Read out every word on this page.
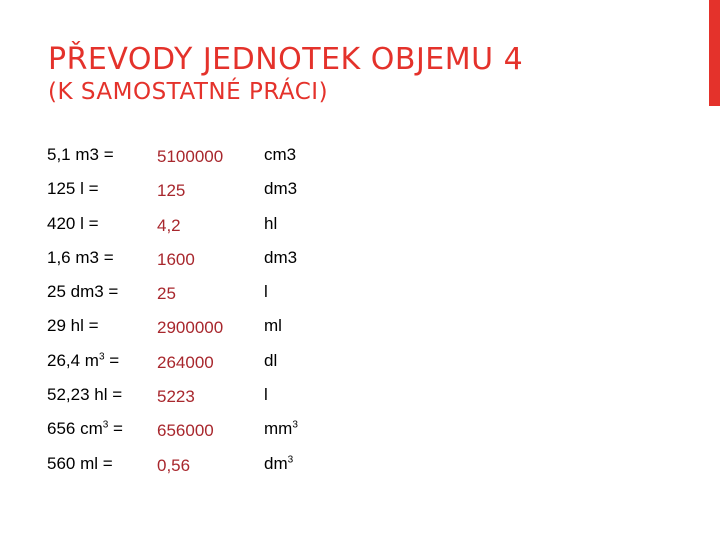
PŘEVODY JEDNOTEK OBJEMU 4
(K SAMOSTATNÉ PRÁCI)
5,1 m3 =	5100000 cm3
125 l =	125	dm3
420 l =	4,2	hl
1,6 m3 =	1600	dm3
25 dm3 = 25	l
29 hl =	2900000 ml
26,4 $m^3 = 264000$	dl
52,23 hl = 5223	l
656 $cm^3 = 656000$	$mm^3$
560 ml =	0,56	$dm^3$
